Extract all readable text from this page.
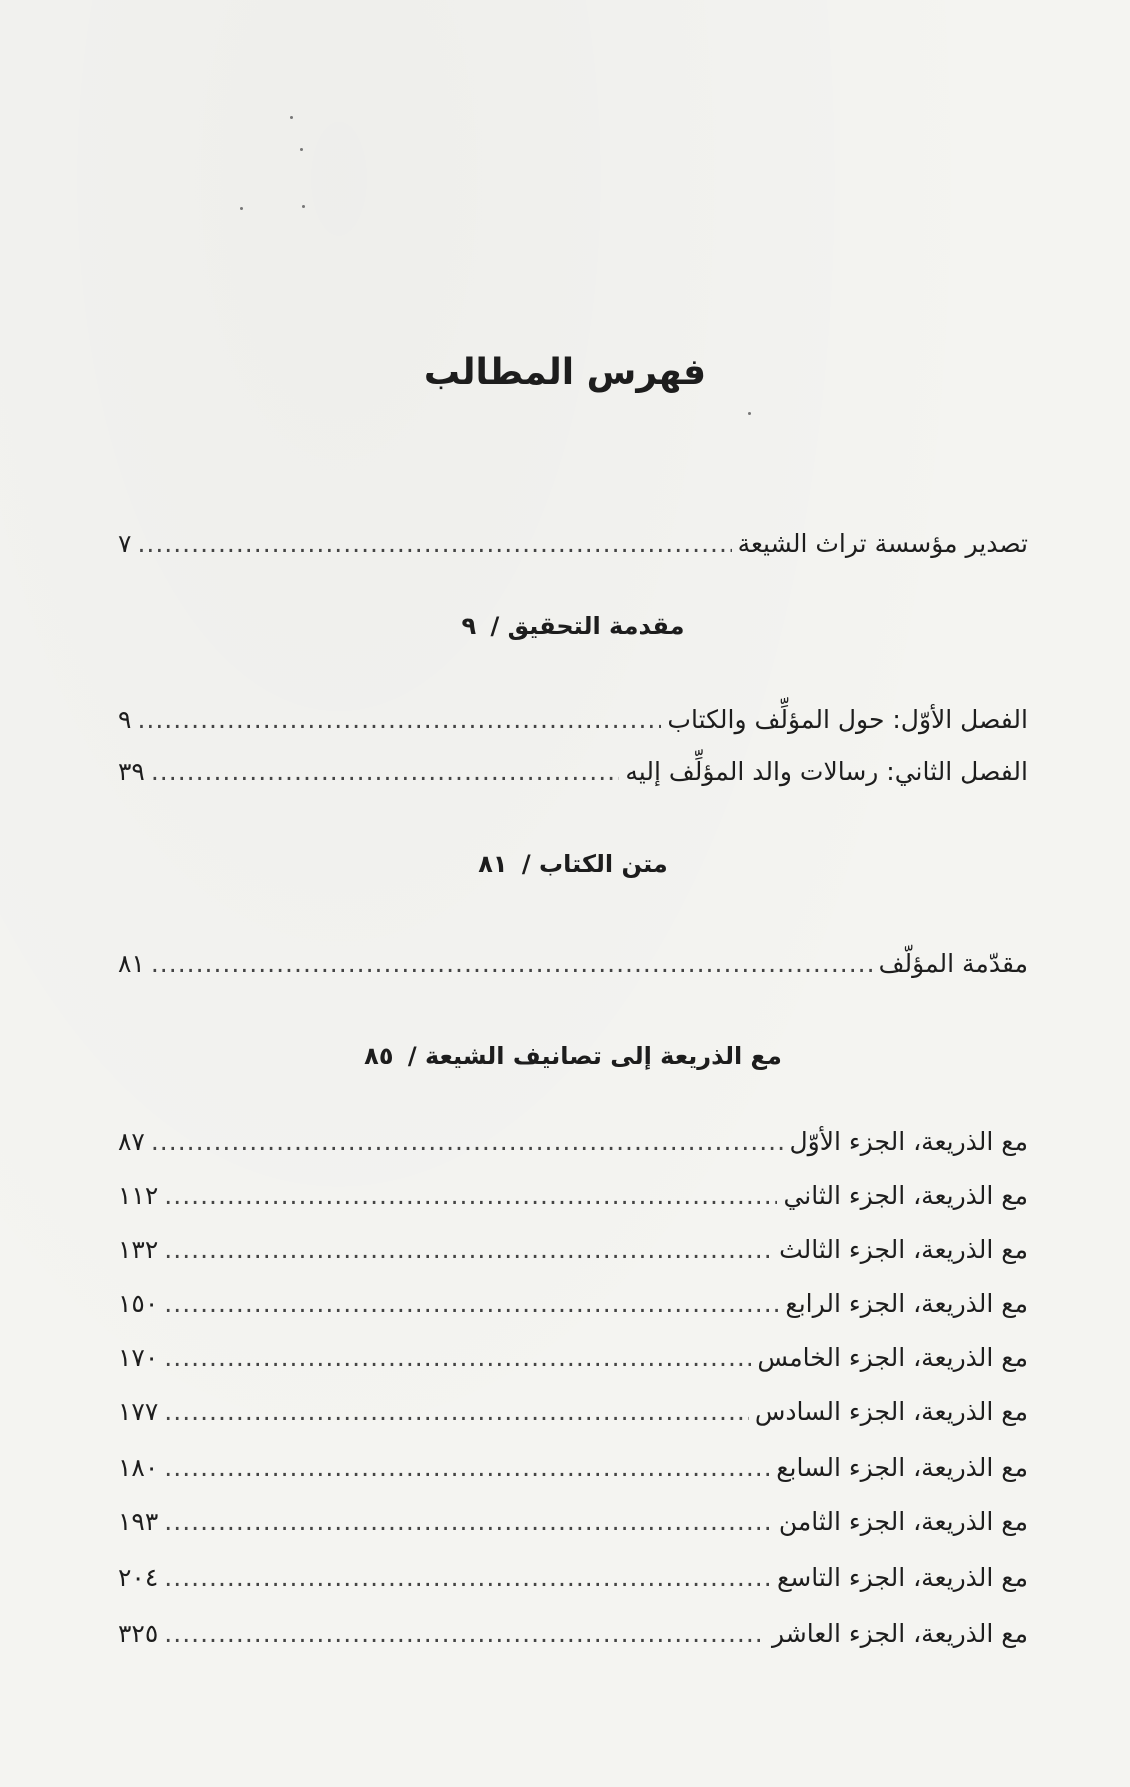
فهرس المطالب
تصدير مؤسسة تراث الشيعة
.....
٧
مقدمة التحقيق / ٩
الفصل الأوّل: حول المؤلِّف والكتاب
.....
٩
الفصل الثاني: رسالات والد المؤلِّف إليه
.....
٣٩
متن الكتاب / ٨١
مقدّمة المؤلّف
.....
٨١
مع الذريعة إلى تصانيف الشيعة / ٨٥
مع الذريعة، الجزء الأوّل
.....
٨٧
مع الذريعة، الجزء الثاني
.....
١١٢
مع الذريعة، الجزء الثالث
.....
١٣٢
مع الذريعة، الجزء الرابع
.....
١٥٠
مع الذريعة، الجزء الخامس
.....
١٧٠
مع الذريعة، الجزء السادس
.....
١٧٧
مع الذريعة، الجزء السابع
.....
١٨٠
مع الذريعة، الجزء الثامن
.....
١٩٣
مع الذريعة، الجزء التاسع
.....
٢٠٤
مع الذريعة، الجزء العاشر
.....
٣٢٥
